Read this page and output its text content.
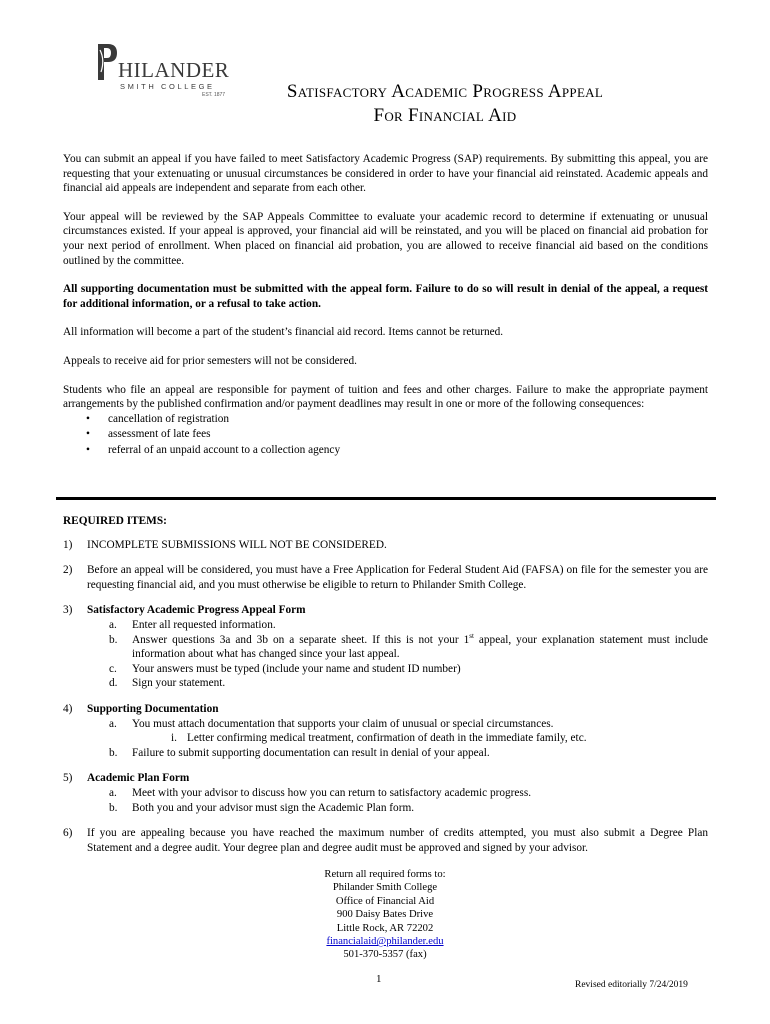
HILANDER
SMITH COLLEGE
EST. 1877	Satisfactory Academic Progress Appeal
For Financial Aid

You can submit an appeal if you have failed to meet Satisfactory Academic Progress (SAP) requirements. By submitting this appeal, you are requesting that your extenuating or unusual circumstances be considered in order to have your financial aid reinstated. Academic appeals and financial aid appeals are independent and separate from each other.

Your appeal will be reviewed by the SAP Appeals Committee to evaluate your academic record to determine if extenuating or unusual circumstances existed. If your appeal is approved, your financial aid will be reinstated, and you will be placed on financial aid probation for your next period of enrollment. When placed on financial aid probation, you are allowed to receive financial aid based on the conditions outlined by the committee.

All supporting documentation must be submitted with the appeal form. Failure to do so will result in denial of the appeal, a request for additional information, or a refusal to take action.

All information will become a part of the student’s financial aid record. Items cannot be returned.

Appeals to receive aid for prior semesters will not be considered.

Students who file an appeal are responsible for payment of tuition and fees and other charges. Failure to make the appropriate payment arrangements by the published confirmation and/or payment deadlines may result in one or more of the following consequences:

• cancellation of registration
• assessment of late fees
• referral of an unpaid account to a collection agency
REQUIRED ITEMS:
1) INCOMPLETE SUBMISSIONS WILL NOT BE CONSIDERED.
2) Before an appeal will be considered, you must have a Free Application for Federal Student Aid (FAFSA) on file for the semester you are requesting financial aid, and you must otherwise be eligible to return to Philander Smith College.
3) Satisfactory Academic Progress Appeal Form
a. Enter all requested information.
b. Answer questions 3a and 3b on a separate sheet. If this is not your 1st appeal, your explanation statement must include information about what has changed since your last appeal.
c. Your answers must be typed (include your name and student ID number)
d. Sign your statement.
4) Supporting Documentation
a. You must attach documentation that supports your claim of unusual or special circumstances.
i. Letter confirming medical treatment, confirmation of death in the immediate family, etc.
b. Failure to submit supporting documentation can result in denial of your appeal.
5) Academic Plan Form
a. Meet with your advisor to discuss how you can return to satisfactory academic progress.
b. Both you and your advisor must sign the Academic Plan form.
6) If you are appealing because you have reached the maximum number of credits attempted, you must also submit a Degree Plan Statement and a degree audit. Your degree plan and degree audit must be approved and signed by your advisor.
Return all required forms to:
Philander Smith College
Office of Financial Aid
900 Daisy Bates Drive
Little Rock, AR 72202
financialaid@philander.edu
501-370-5357 (fax)
1	Revised editorially 7/24/2019
